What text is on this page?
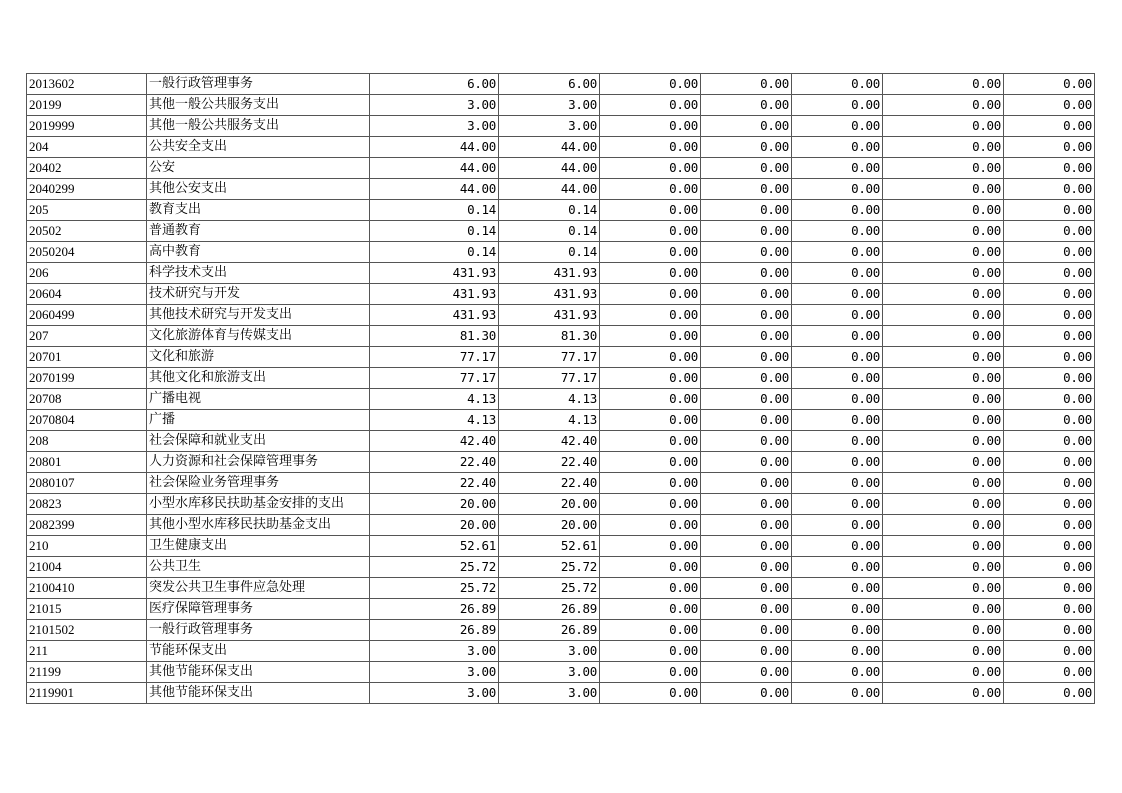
2013602	一般行政管理事务	6.00	6.00	0.00	0.00	0.00	0.00	0.00
20199	其他一般公共服务支出	3.00	3.00	0.00	0.00	0.00	0.00	0.00
2019999	其他一般公共服务支出	3.00	3.00	0.00	0.00	0.00	0.00	0.00
204	公共安全支出	44.00	44.00	0.00	0.00	0.00	0.00	0.00
20402	公安	44.00	44.00	0.00	0.00	0.00	0.00	0.00
2040299	其他公安支出	44.00	44.00	0.00	0.00	0.00	0.00	0.00
205	教育支出	0.14	0.14	0.00	0.00	0.00	0.00	0.00
20502	普通教育	0.14	0.14	0.00	0.00	0.00	0.00	0.00
2050204	高中教育	0.14	0.14	0.00	0.00	0.00	0.00	0.00
206	科学技术支出	431.93	431.93	0.00	0.00	0.00	0.00	0.00
20604	技术研究与开发	431.93	431.93	0.00	0.00	0.00	0.00	0.00
2060499	其他技术研究与开发支出	431.93	431.93	0.00	0.00	0.00	0.00	0.00
207	文化旅游体育与传媒支出	81.30	81.30	0.00	0.00	0.00	0.00	0.00
20701	文化和旅游	77.17	77.17	0.00	0.00	0.00	0.00	0.00
2070199	其他文化和旅游支出	77.17	77.17	0.00	0.00	0.00	0.00	0.00
20708	广播电视	4.13	4.13	0.00	0.00	0.00	0.00	0.00
2070804	广播	4.13	4.13	0.00	0.00	0.00	0.00	0.00
208	社会保障和就业支出	42.40	42.40	0.00	0.00	0.00	0.00	0.00
20801	人力资源和社会保障管理事务	22.40	22.40	0.00	0.00	0.00	0.00	0.00
2080107	社会保险业务管理事务	22.40	22.40	0.00	0.00	0.00	0.00	0.00
20823	小型水库移民扶助基金安排的支出	20.00	20.00	0.00	0.00	0.00	0.00	0.00
2082399	其他小型水库移民扶助基金支出	20.00	20.00	0.00	0.00	0.00	0.00	0.00
210	卫生健康支出	52.61	52.61	0.00	0.00	0.00	0.00	0.00
21004	公共卫生	25.72	25.72	0.00	0.00	0.00	0.00	0.00
2100410	突发公共卫生事件应急处理	25.72	25.72	0.00	0.00	0.00	0.00	0.00
21015	医疗保障管理事务	26.89	26.89	0.00	0.00	0.00	0.00	0.00
2101502	一般行政管理事务	26.89	26.89	0.00	0.00	0.00	0.00	0.00
211	节能环保支出	3.00	3.00	0.00	0.00	0.00	0.00	0.00
21199	其他节能环保支出	3.00	3.00	0.00	0.00	0.00	0.00	0.00
2119901	其他节能环保支出	3.00	3.00	0.00	0.00	0.00	0.00	0.00
